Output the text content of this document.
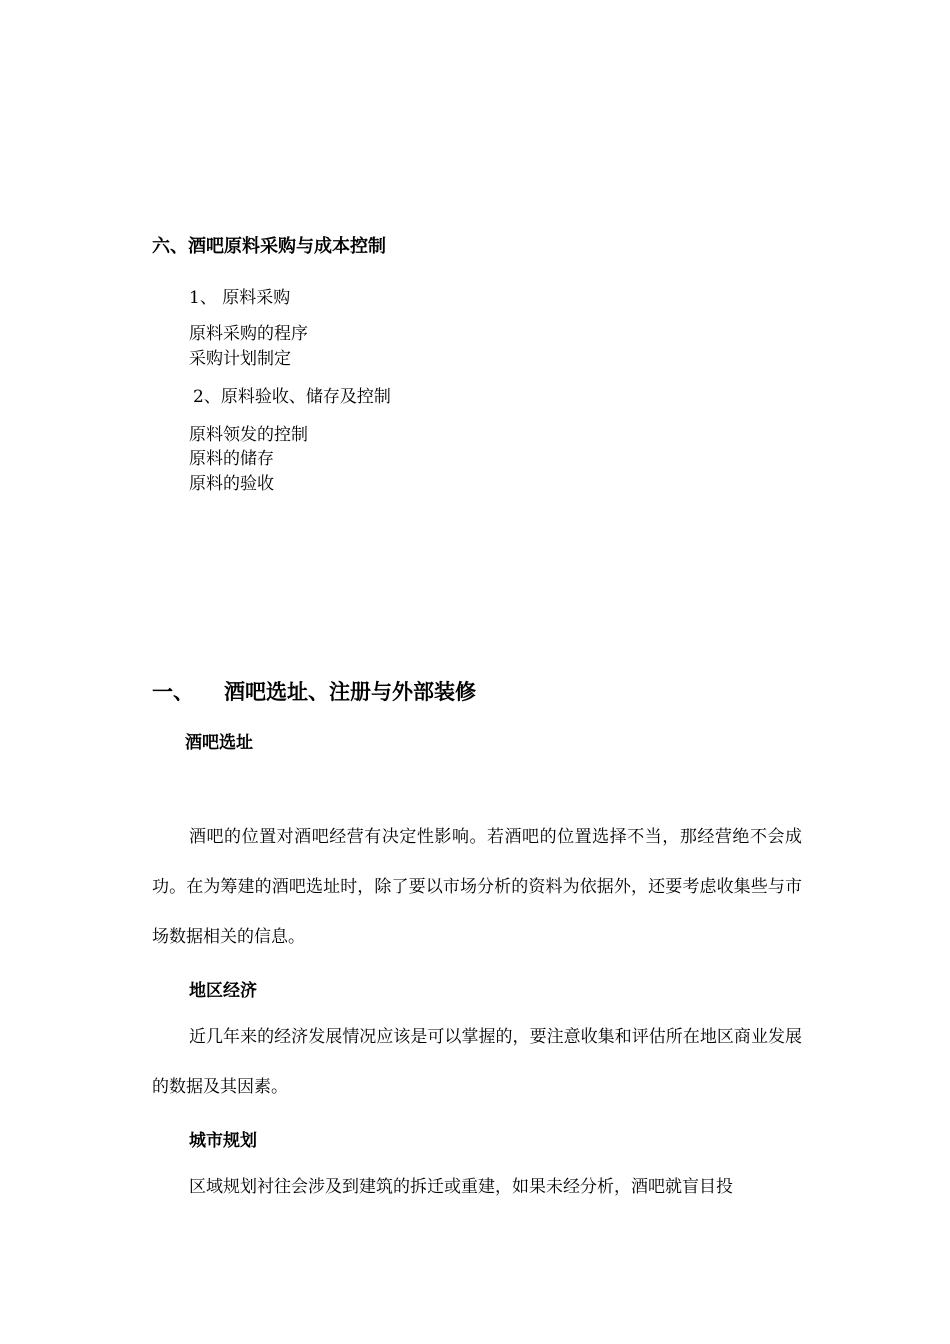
六、酒吧原料采购与成本控制
1、 原料采购
原料采购的程序
采购计划制定
2、原料验收、储存及控制
原料领发的控制
原料的储存
原料的验收
一、 酒吧选址、注册与外部装修
酒吧选址
酒吧的位置对酒吧经营有决定性影响。若酒吧的位置选择不当，那经营绝不会成功。在为筹建的酒吧选址时，除了要以市场分析的资料为依据外，还要考虑收集些与市场数据相关的信息。
地区经济
近几年来的经济发展情况应该是可以掌握的，要注意收集和评估所在地区商业发展的数据及其因素。
城市规划
区域规划衬往会涉及到建筑的拆迁或重建，如果未经分析，酒吧就盲目投
